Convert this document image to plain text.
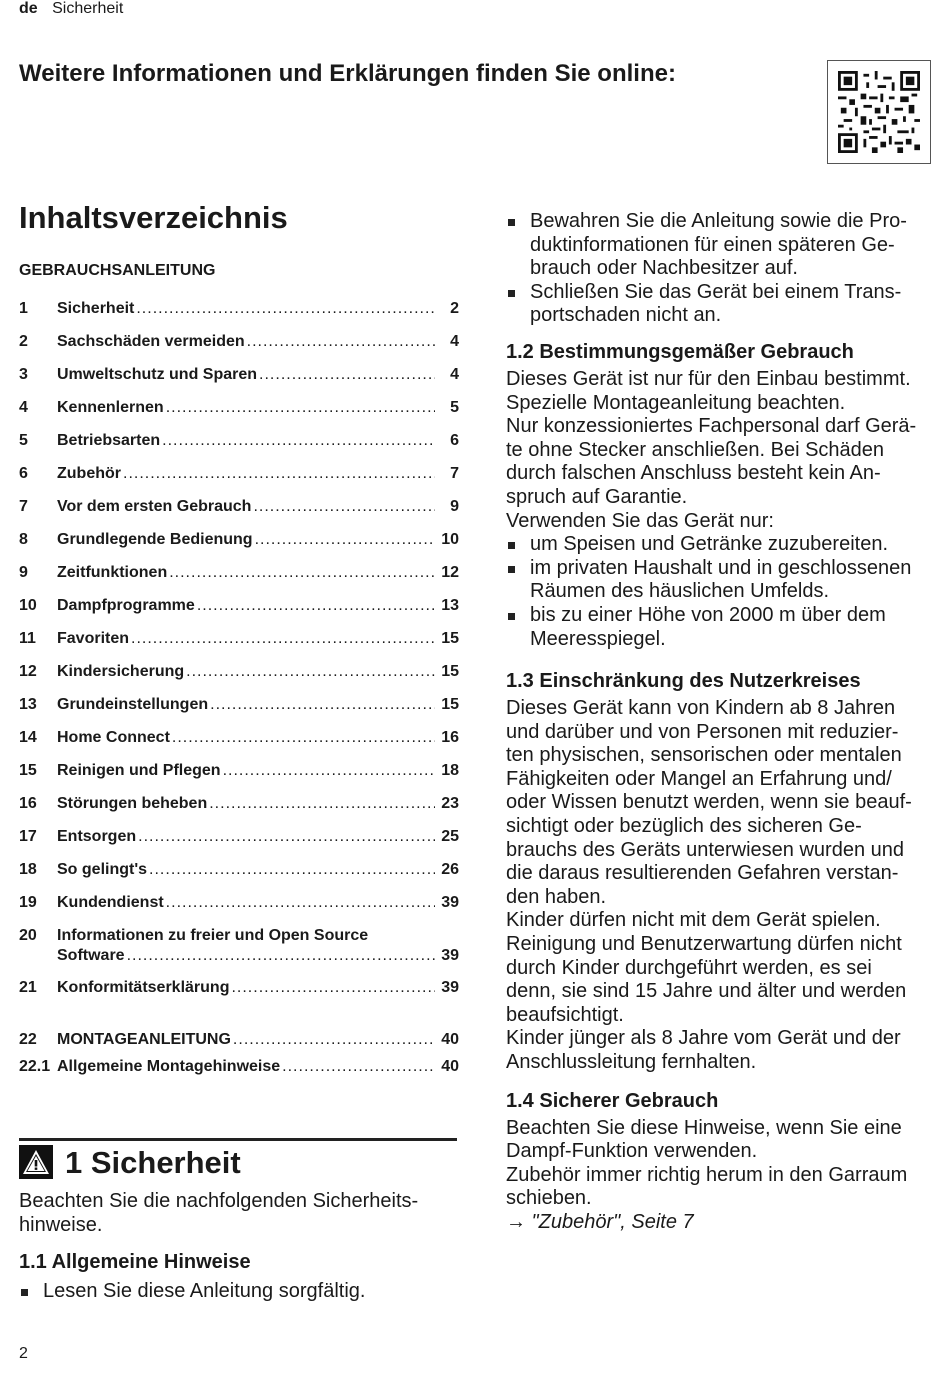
de Sicherheit
Weitere Informationen und Erklärungen finden Sie online:
Inhaltsverzeichnis
GEBRAUCHSANLEITUNG
1 Sicherheit .....	2
2 Sachschäden vermeiden .....	4
3 Umweltschutz und Sparen .....	4
4 Kennenlernen .....	5
5 Betriebsarten .....	6
6 Zubehör .....	7
7 Vor dem ersten Gebrauch .....	9
8 Grundlegende Bedienung .....	10
9 Zeitfunktionen .....	12
10 Dampfprogramme .....	13
11 Favoriten .....	15
12 Kindersicherung .....	15
13 Grundeinstellungen .....	15
14 Home Connect .....	16
15 Reinigen und Pflegen .....	18
16 Störungen beheben .....	23
17 Entsorgen .....	25
18 So gelingt's .....	26
19 Kundendienst .....	39
20 Informationen zu freier und Open Source
Software .....	39
21 Konformitätserklärung .....	39
22 MONTAGEANLEITUNG .....	40
22.1 Allgemeine Montagehinweise .....	40
1 Sicherheit
Beachten Sie die nachfolgenden Sicherheits-
hinweise.
1.1 Allgemeine Hinweise
Lesen Sie diese Anleitung sorgfältig.
Bewahren Sie die Anleitung sowie die Pro-
duktinformationen für einen späteren Ge-
brauch oder Nachbesitzer auf.
Schließen Sie das Gerät bei einem Trans-
portschaden nicht an.
1.2 Bestimmungsgemäßer Gebrauch
Dieses Gerät ist nur für den Einbau bestimmt.
Spezielle Montageanleitung beachten.
Nur konzessioniertes Fachpersonal darf Gerä-
te ohne Stecker anschließen. Bei Schäden
durch falschen Anschluss besteht kein An-
spruch auf Garantie.
Verwenden Sie das Gerät nur:
um Speisen und Getränke zuzubereiten.
im privaten Haushalt und in geschlossenen
Räumen des häuslichen Umfelds.
bis zu einer Höhe von 2000 m über dem
Meeresspiegel.
1.3 Einschränkung des Nutzerkreises
Dieses Gerät kann von Kindern ab 8 Jahren
und darüber und von Personen mit reduzier-
ten physischen, sensorischen oder mentalen
Fähigkeiten oder Mangel an Erfahrung und/
oder Wissen benutzt werden, wenn sie beauf-
sichtigt oder bezüglich des sicheren Ge-
brauchs des Geräts unterwiesen wurden und
die daraus resultierenden Gefahren verstan-
den haben.
Kinder dürfen nicht mit dem Gerät spielen.
Reinigung und Benutzerwartung dürfen nicht
durch Kinder durchgeführt werden, es sei
denn, sie sind 15 Jahre und älter und werden
beaufsichtigt.
Kinder jünger als 8 Jahre vom Gerät und der
Anschlussleitung fernhalten.
1.4 Sicherer Gebrauch
Beachten Sie diese Hinweise, wenn Sie eine
Dampf-Funktion verwenden.
Zubehör immer richtig herum in den Garraum
schieben.
→ "Zubehör", Seite 7
2
